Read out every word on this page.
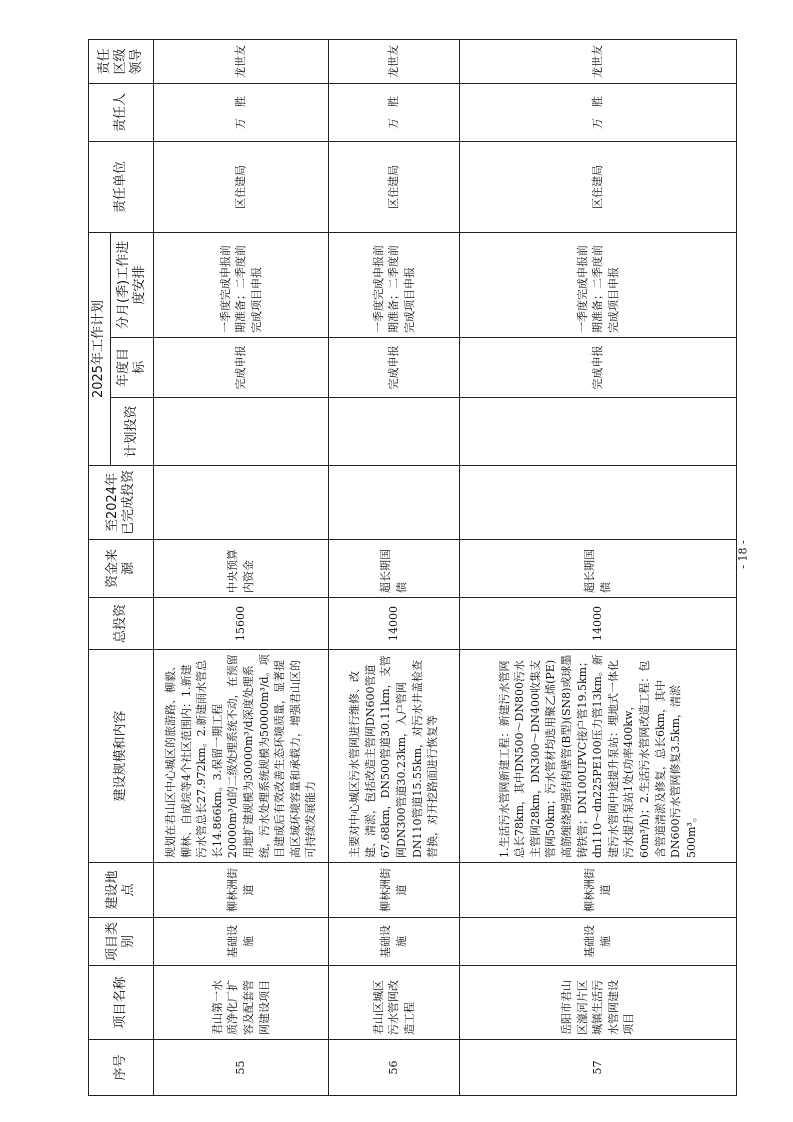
序号	项目名称	项目类别	建设地点	建设规模和内容	总投资	资金来源	至2024年已完成投资	2025年工作计划			责任单位	责任人	责任区级领导
								计划投资	年度目标	分月(季)工作进度安排			
55	君山第一水质净化厂扩容及配套管网建设项目	基础设施	柳林洲街道	规划在君山区中心城区的旅游路、柳毅、柳林、自成垸等4个社区范围内：1.新建污水管总长27.972km。2.新建雨水管总长14.866km。3.保留一期工程20000m³/d的二级处理系统不动，在预留用地扩建规模为30000m³/d深度处理系统，污水处理系统规模为50000m³/d。项目建成后有效改善生态环境质量，显著提高区域环境容量和承载力，增强君山区的可持续发展能力	15600	中央预算内资金			完成申报	一季度完成申报前期准备；二季度前完成项目申报	区住建局	万　胜	龙世友
56	君山区城区污水管网改造工程	基础设施	柳林洲街道	主要对中心城区污水管网进行维修、改建、清淤，包括改造主管网DN600管道67.68km，DN500管道30.11km，支管网DN300管道30.23km，入户管网DN110管道15.55km，对污水井盖检查替换，对开挖路面进行恢复等	14000	超长期国债			完成申报	一季度完成申报前期准备；二季度前完成项目申报	区住建局	万　胜	龙世友
57	岳阳市君山区濠河片区城镇生活污水管网建设项目	基础设施	柳林洲街道	1.生活污水管网新建工程：新建污水管网总长78km，其中DN500～DN800污水主管网28km，DN300～DN400收集支管网50km；污水管材均选用聚乙烯(PE)高筋缠绕增强结构壁管(B型)(SN8)或球墨铸铁管；DN100UPVC接户管19.5km；dn110～dn225PE100压力管13km。新建污水管网中途提升泵站：埋地式一体化污水提升泵站1处(功率400kw，60m³/h)；2.生活污水管网改造工程：包含管道清淤及修复，总长6km，其中DN600污水管网修复3.5km，清淤500m³。	14000	超长期国债			完成申报	一季度完成申报前期准备；二季度前完成项目申报	区住建局	万　胜	龙世友
- 18 -
